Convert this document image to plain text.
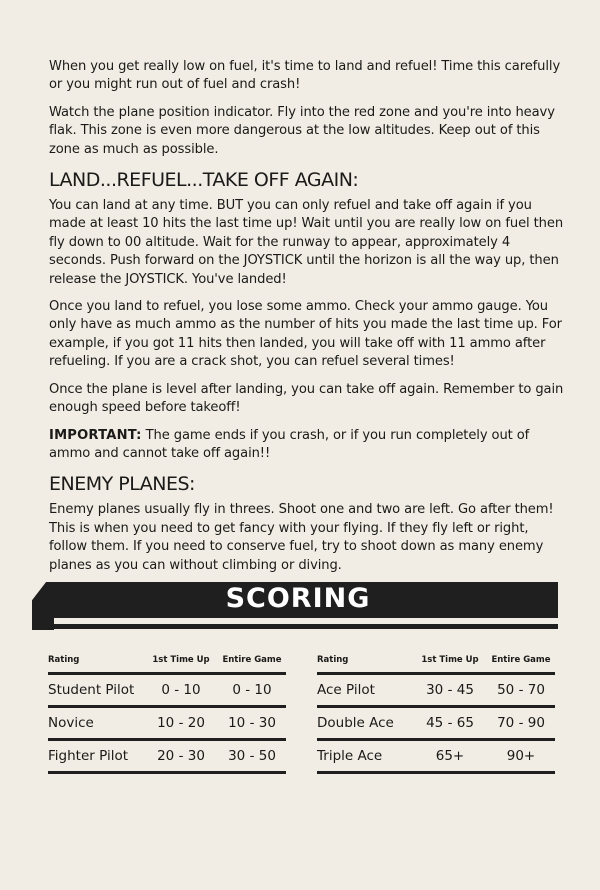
When you get really low on fuel, it's time to land and refuel! Time this carefully or you might run out of fuel and crash!

Watch the plane position indicator. Fly into the red zone and you're into heavy flak. This zone is even more dangerous at the low altitudes. Keep out of this zone as much as possible.

LAND...REFUEL...TAKE OFF AGAIN:

You can land at any time. BUT you can only refuel and take off again if you made at least 10 hits the last time up! Wait until you are really low on fuel then fly down to 00 altitude. Wait for the runway to appear, approximately 4 seconds. Push forward on the JOYSTICK until the horizon is all the way up, then release the JOYSTICK. You've landed!

Once you land to refuel, you lose some ammo. Check your ammo gauge. You only have as much ammo as the number of hits you made the last time up. For example, if you got 11 hits then landed, you will take off with 11 ammo after refueling. If you are a crack shot, you can refuel several times!

Once the plane is level after landing, you can take off again. Remember to gain enough speed before takeoff!

IMPORTANT: The game ends if you crash, or if you run completely out of ammo and cannot take off again!!

ENEMY PLANES:

Enemy planes usually fly in threes. Shoot one and two are left. Go after them! This is when you need to get fancy with your flying. If they fly left or right, follow them. If you need to conserve fuel, try to shoot down as many enemy planes as you can without climbing or diving.

SCORING
Rating	1st Time Up	Entire Game
Student Pilot	0 - 10	0 - 10
Novice	10 - 20	10 - 30
Fighter Pilot	20 - 30	30 - 50
Rating	1st Time Up	Entire Game
Ace Pilot	30 - 45	50 - 70
Double Ace	45 - 65	70 - 90
Triple Ace	65+	90+
